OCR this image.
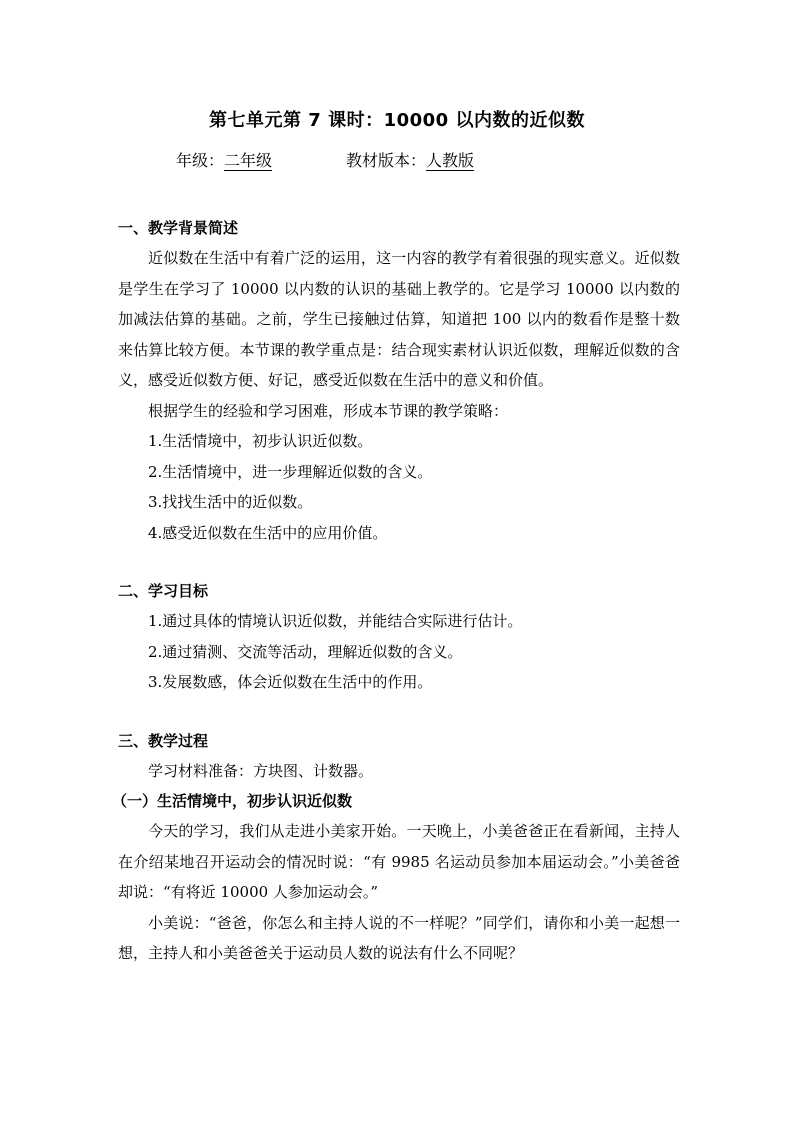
第七单元第 7 课时：10000 以内数的近似数
年级：二年级	教材版本：人教版
一、教学背景简述
近似数在生活中有着广泛的运用，这一内容的教学有着很强的现实意义。近似数是学生在学习了 10000 以内数的认识的基础上教学的。它是学习 10000 以内数的加减法估算的基础。之前，学生已接触过估算，知道把 100 以内的数看作是整十数来估算比较方便。本节课的教学重点是：结合现实素材认识近似数，理解近似数的含义，感受近似数方便、好记，感受近似数在生活中的意义和价值。
根据学生的经验和学习困难，形成本节课的教学策略：
1.生活情境中，初步认识近似数。
2.生活情境中，进一步理解近似数的含义。
3.找找生活中的近似数。
4.感受近似数在生活中的应用价值。
二、学习目标
1.通过具体的情境认识近似数，并能结合实际进行估计。
2.通过猜测、交流等活动，理解近似数的含义。
3.发展数感，体会近似数在生活中的作用。
三、教学过程
学习材料准备：方块图、计数器。
（一）生活情境中，初步认识近似数
今天的学习，我们从走进小美家开始。一天晚上，小美爸爸正在看新闻，主持人在介绍某地召开运动会的情况时说：“有 9985 名运动员参加本届运动会。”小美爸爸却说：“有将近 10000 人参加运动会。”
小美说：“爸爸，你怎么和主持人说的不一样呢？”同学们，请你和小美一起想一想，主持人和小美爸爸关于运动员人数的说法有什么不同呢？
